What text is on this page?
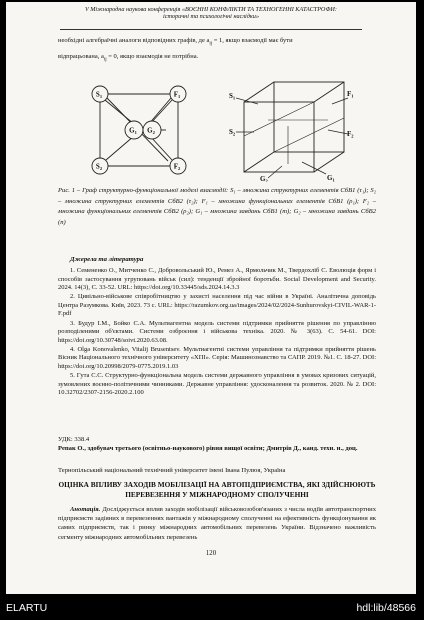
V Міжнародна наукова конференція «ВОЄННІ КОНФЛІКТИ ТА ТЕХНОГЕННІ КАТАСТРОФИ:
історичні та психологічні наслідки»

необхідні алгебраїчні аналоги відповідних графів, де $a_{ij} = 1$, якщо взаємодії має бути

відпрацьована, $a_{ij} = 0$, якщо взаємодія не потрібна.

$S_1$	$F_1$
$G_1$ $G_2$
$S_2$	$F_2$
$S_1$	$F_1$
$F_2$
$S_2$
$G_1$
$G_2$
Рис. 1 – Граф структурно-функціональної моделі взаємодії: S₁ – множина структурних елементів СбВ1 (τ₁); S₂ – множина структурних елементів СбВ2 (τ₂); F₁ – множина функціональних елементів СбВ1 (ρ₁); F₂ – множина функціональних елементів СбВ2 (ρ₂); G₁ – множина завдань СбВ1 (m); G₂ – множина завдань СбВ2 (n)
Джерела та література

1. Семененко О., Митченко С., Добровольський Ю., Ремез А., Ярмольчик М., Твердохліб С. Еволюція форм і способів застосування угруповань військ (сил): тенденції збройної боротьби. Social Development and Security. 2024. 14(3), С. 33-52. URL: https://doi.org/10.33445/sds.2024.14.3.3

2. Цивільно-військове співробітництво у захисті населення під час війни в Україні. Аналітична доповідь Центра Разумкова. Київ, 2023. 73 с. URL: https://razumkov.org.ua/images/2024/02/2024-Sunhurovskyi-CIVIL-WAR-1-F.pdf

3. Будур І.М., Бойко С.А. Мультиагентна модель системи підтримки прийняття рішення по управлінню розподіленими об'єктами. Системи озброєння і військова техніка. 2020. № 3(63). С. 54-61. DOI: https://doi.org/10.30748/soivt.2020.63.08.

4. Olga Konovalenko, Vitalij Brusentsev. Мультиагентні системи управління та підтримки прийняття рішень Вісник Національного технічного університету «ХПІ». Серія: Машинознавство та САПР. 2019. №1. С. 18-27. DOI: https://doi.org/10.20998/2079-0775.2019.1.03

5. Гута С.С. Структурно-функціональна модель системи державного управління в умовах кризових ситуацій, зумовлених воєнно-політичними чинниками. Державне управління: удосконалення та розвиток. 2020. № 2. DOI: 10.32702/2307-2156-2020.2.100

УДК: 338.4
Репак О., здобувач третього (освітньо-наукового) рівня вищої освіти; Дмитрів Д., канд. техн. н., доц.
Тернопільський національний технічний університет імені Івана Пулюя, Україна
ОЦІНКА ВПЛИВУ ЗАХОДІВ МОБІЛІЗАЦІЇ НА АВТОПІДПРИЄМСТВА, ЯКІ ЗДІЙСНЮЮТЬ ПЕРЕВЕЗЕННЯ У МІЖНАРОДНОМУ СПОЛУЧЕННІ

Анотація. Досліджується вплив заходів мобілізації військовозобов'язаних з числа водіїв автотранспортних підприємств задіяних в перевезеннях вантажів у міжнародному сполученні на ефективність функціонування як самих підприємств, так і ринку міжнародних автомобільних перевезень України. Відзначено важливість сегменту міжнародних автомобільних перевезень

120
ELARTU	hdl:lib/48566
